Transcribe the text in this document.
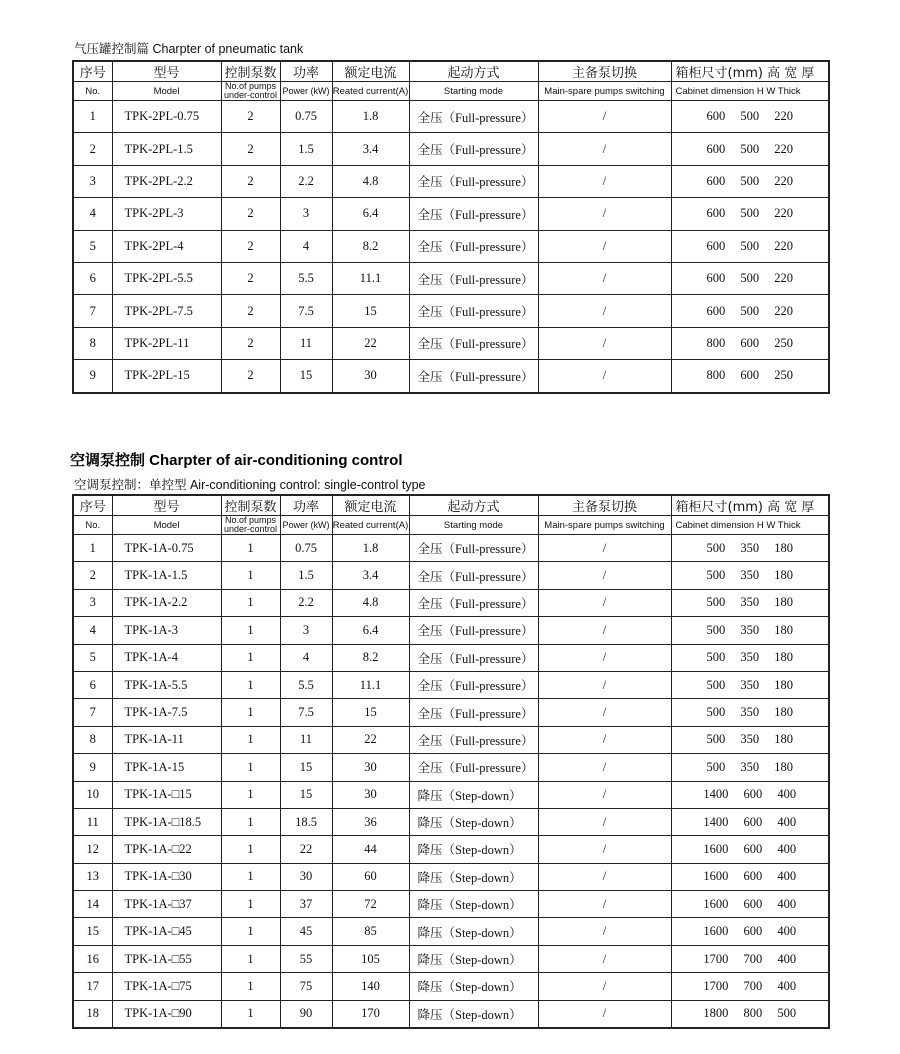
气压罐控制篇 Charpter of pneumatic tank
序号	型号	控制泵数	功率	额定电流	起动方式	主备泵切换	箱柜尺寸(mm) 高 宽 厚
No.	Model	No.of pumps under-control	Power (kW)	Reated current(A)	Starting mode	Main-spare pumps switching	Cabinet dimension H W Thick
1	TPK-2PL-0.75	2	0.75	1.8	全压（Full-pressure）	/	600 500 220
2	TPK-2PL-1.5	2	1.5	3.4	全压（Full-pressure）	/	600 500 220
3	TPK-2PL-2.2	2	2.2	4.8	全压（Full-pressure）	/	600 500 220
4	TPK-2PL-3	2	3	6.4	全压（Full-pressure）	/	600 500 220
5	TPK-2PL-4	2	4	8.2	全压（Full-pressure）	/	600 500 220
6	TPK-2PL-5.5	2	5.5	11.1	全压（Full-pressure）	/	600 500 220
7	TPK-2PL-7.5	2	7.5	15	全压（Full-pressure）	/	600 500 220
8	TPK-2PL-11	2	11	22	全压（Full-pressure）	/	800 600 250
9	TPK-2PL-15	2	15	30	全压（Full-pressure）	/	800 600 250
空调泵控制 Charpter of air-conditioning control
空调泵控制：单控型 Air-conditioning control: single-control type
序号	型号	控制泵数	功率	额定电流	起动方式	主备泵切换	箱柜尺寸(mm) 高 宽 厚
No.	Model	No.of pumps under-control	Power (kW)	Reated current(A)	Starting mode	Main-spare pumps switching	Cabinet dimension H W Thick
1	TPK-1A-0.75	1	0.75	1.8	全压（Full-pressure）	/	500 350 180
2	TPK-1A-1.5	1	1.5	3.4	全压（Full-pressure）	/	500 350 180
3	TPK-1A-2.2	1	2.2	4.8	全压（Full-pressure）	/	500 350 180
4	TPK-1A-3	1	3	6.4	全压（Full-pressure）	/	500 350 180
5	TPK-1A-4	1	4	8.2	全压（Full-pressure）	/	500 350 180
6	TPK-1A-5.5	1	5.5	11.1	全压（Full-pressure）	/	500 350 180
7	TPK-1A-7.5	1	7.5	15	全压（Full-pressure）	/	500 350 180
8	TPK-1A-11	1	11	22	全压（Full-pressure）	/	500 350 180
9	TPK-1A-15	1	15	30	全压（Full-pressure）	/	500 350 180
10	TPK-1A-□15	1	15	30	降压（Step-down）	/	1400 600 400
11	TPK-1A-□18.5	1	18.5	36	降压（Step-down）	/	1400 600 400
12	TPK-1A-□22	1	22	44	降压（Step-down）	/	1600 600 400
13	TPK-1A-□30	1	30	60	降压（Step-down）	/	1600 600 400
14	TPK-1A-□37	1	37	72	降压（Step-down）	/	1600 600 400
15	TPK-1A-□45	1	45	85	降压（Step-down）	/	1600 600 400
16	TPK-1A-□55	1	55	105	降压（Step-down）	/	1700 700 400
17	TPK-1A-□75	1	75	140	降压（Step-down）	/	1700 700 400
18	TPK-1A-□90	1	90	170	降压（Step-down）	/	1800 800 500
